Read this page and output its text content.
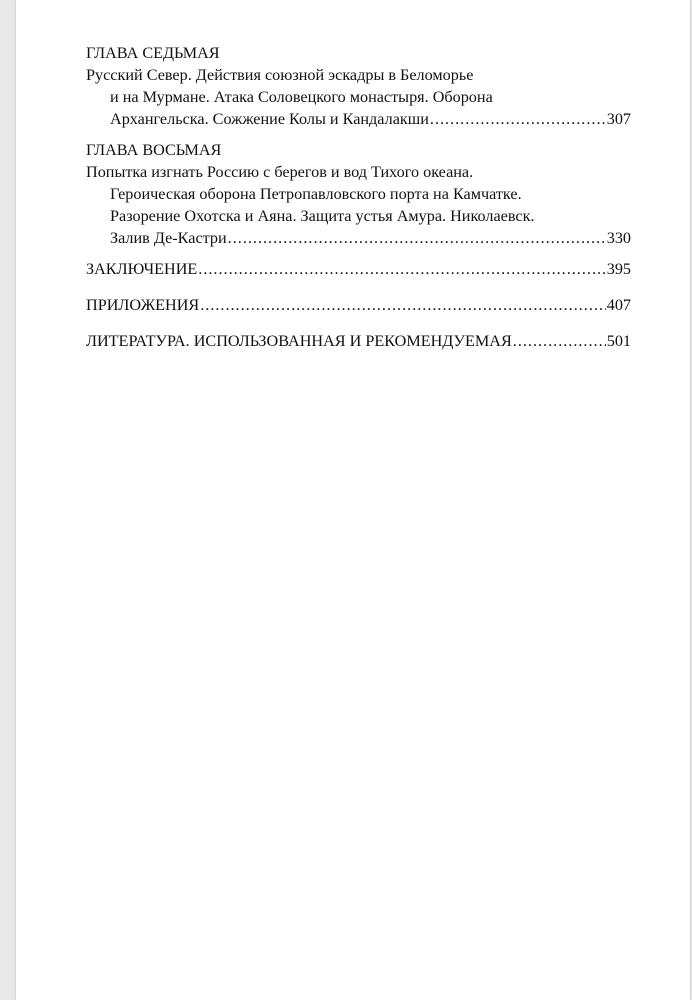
ГЛАВА СЕДЬМАЯ
Русский Север. Действия союзной эскадры в Беломорье
и на Мурмане. Атака Соловецкого монастыря. Оборона
Архангельска. Сожжение Колы и Кандалакши .....	307
ГЛАВА ВОСЬМАЯ
Попытка изгнать Россию с берегов и вод Тихого океана.
Героическая оборона Петропавловского порта на Камчатке.
Разорение Охотска и Аяна. Защита устья Амура. Николаевск.
Залив Де-Кастри .....	330
ЗАКЛЮЧЕНИЕ .....	395
ПРИЛОЖЕНИЯ .....	407
ЛИТЕРАТУРА. ИСПОЛЬЗОВАННАЯ И РЕКОМЕНДУЕМАЯ .....	501
